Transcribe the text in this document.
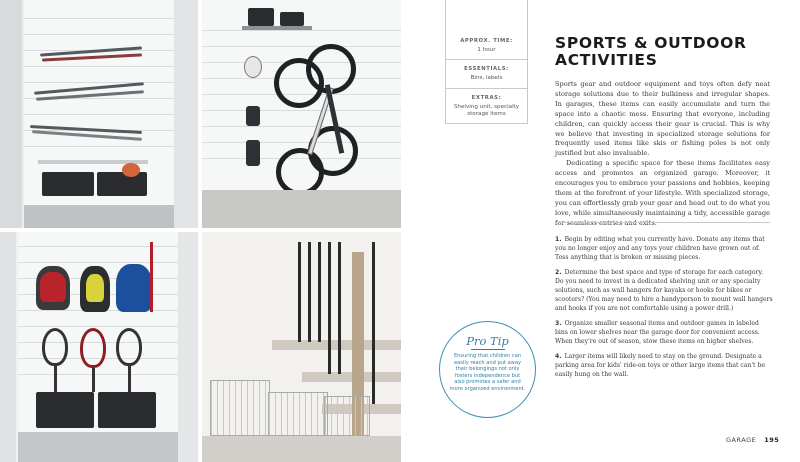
APPROX. TIME:
1 hour
ESSENTIALS:
Bins, labels
EXTRAS:
Shelving unit, specialty storage items
SPORTS & OUTDOOR ACTIVITIES

Sports gear and outdoor equipment and toys often defy neat storage solutions due to their bulkiness and irregular shapes. In garages, these items can easily accumulate and turn the space into a chaotic mess. Ensuring that everyone, including children, can quickly access their gear is crucial. This is why we believe that investing in specialized storage solutions for frequently used items like skis or fishing poles is not only justified but also invaluable.

Dedicating a specific space for these items facilitates easy access and promotes an organized garage. Moreover, it encourages you to embrace your passions and hobbies, keeping them at the forefront of your lifestyle. With specialized storage, you can effortlessly grab your gear and head out to do what you love, while simultaneously maintaining a tidy, accessible garage

1. Begin by editing what you currently have. Donate any items that you no longer enjoy and any toys your children have grown out of. Toss anything that is broken or missing pieces.
2. Determine the best space and type of storage for each category. Do you need to invest in a dedicated shelving unit or any specialty solutions, such as wall hangers for kayaks or hooks for bikes or scooters? (You may need to hire a handyperson to mount wall hangers and hooks if you are not comfortable using a power drill.)
3. Organize smaller seasonal items and outdoor games in labeled bins on lower shelves near the garage door for convenient access. When they're out of season, stow these items on higher shelves.
4. Larger items will likely need to stay on the ground. Designate a parking area for kids' ride-on toys or other large items that can't be easily hung on the wall.
Pro Tip
Ensuring that children can easily reach and put away their belongings not only fosters independence but also promotes a safer and more organized environment.
GARAGE 195
